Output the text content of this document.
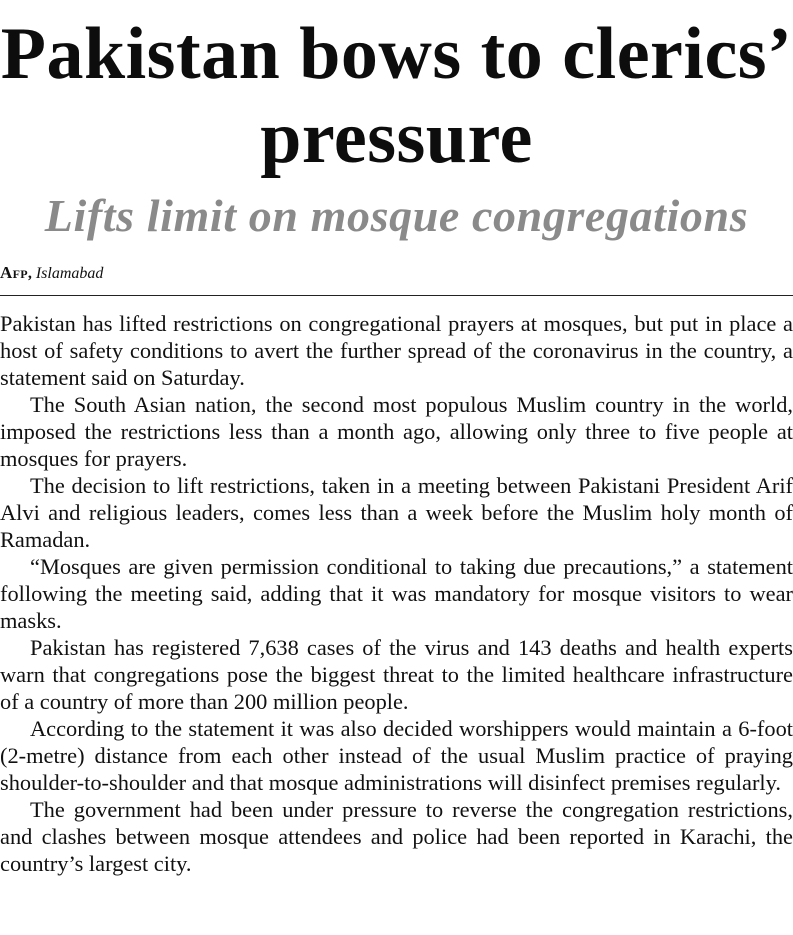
Pakistan bows to clerics’ pressure
Lifts limit on mosque congregations
Afp, Islamabad

Pakistan has lifted restrictions on congregational prayers at mosques, but put in place a host of safety conditions to avert the further spread of the coronavirus in the country, a statement said on Saturday.

The South Asian nation, the second most populous Muslim country in the world, imposed the restrictions less than a month ago, allowing only three to five people at mosques for prayers.

The decision to lift restrictions, taken in a meeting between Pakistani President Arif Alvi and religious leaders, comes less than a week before the Muslim holy month of Ramadan.

“Mosques are given permission conditional to taking due precautions,” a statement following the meeting said, adding that it was mandatory for mosque visitors to wear masks.

Pakistan has registered 7,638 cases of the virus and 143 deaths and health experts warn that congregations pose the biggest threat to the limited healthcare infrastructure of a country of more than 200 million people.

According to the statement it was also decided worshippers would maintain a 6-foot (2-metre) distance from each other instead of the usual Muslim practice of praying shoulder-to-shoulder and that mosque administrations will disinfect premises regularly.

The government had been under pressure to reverse the congregation restrictions, and clashes between mosque attendees and police had been reported in Karachi, the country’s largest city.
